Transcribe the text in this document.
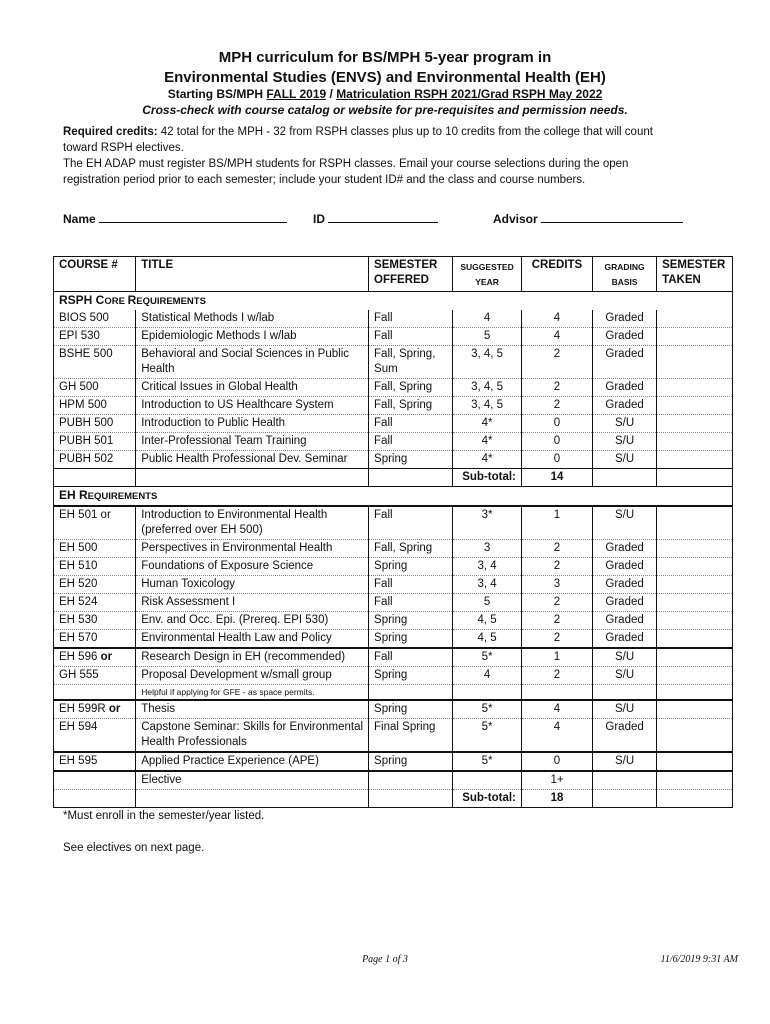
MPH curriculum for BS/MPH 5-year program in
Environmental Studies (ENVS) and Environmental Health (EH)
Starting BS/MPH FALL 2019 / Matriculation RSPH 2021/Grad RSPH May 2022
Cross-check with course catalog or website for pre-requisites and permission needs.

Required credits: 42 total for the MPH - 32 from RSPH classes plus up to 10 credits from the college that will count toward RSPH electives.

The EH ADAP must register BS/MPH students for RSPH classes. Email your course selections during the open registration period prior to each semester; include your student ID# and the class and course numbers.

Name	ID	Advisor
COURSE #	TITLE	SEMESTER OFFERED	SUGGESTED YEAR	CREDITS	GRADING BASIS	SEMESTER TAKEN
RSPH CORE REQUIREMENTS						
BIOS 500	Statistical Methods I w/lab	Fall	4	4	Graded	
EPI 530	Epidemiologic Methods I w/lab	Fall	5	4	Graded	
BSHE 500	Behavioral and Social Sciences in Public Health	Fall, Spring, Sum	3, 4, 5	2	Graded	
GH 500	Critical Issues in Global Health	Fall, Spring	3, 4, 5	2	Graded	
HPM 500	Introduction to US Healthcare System	Fall, Spring	3, 4, 5	2	Graded	
PUBH 500	Introduction to Public Health	Fall	4*	0	S/U	
PUBH 501	Inter-Professional Team Training	Fall	4*	0	S/U	
PUBH 502	Public Health Professional Dev. Seminar	Spring	4*	0	S/U	
			Sub-total:	14		
EH REQUIREMENTS						
EH 501 or	Introduction to Environmental Health (preferred over EH 500)	Fall	3*	1	S/U	
EH 500	Perspectives in Environmental Health	Fall, Spring	3	2	Graded	
EH 510	Foundations of Exposure Science	Spring	3, 4	2	Graded	
EH 520	Human Toxicology	Fall	3, 4	3	Graded	
EH 524	Risk Assessment I	Fall	5	2	Graded	
EH 530	Env. and Occ. Epi. (Prereq. EPI 530)	Spring	4, 5	2	Graded	
EH 570	Environmental Health Law and Policy	Spring	4, 5	2	Graded	
EH 596 or	Research Design in EH (recommended)	Fall	5*	1	S/U	
GH 555	Proposal Development w/small group	Spring	4	2	S/U	
	Helpful if applying for GFE - as space permits.					
EH 599R or	Thesis	Spring	5*	4	S/U	
EH 594	Capstone Seminar: Skills for Environmental Health Professionals	Final Spring	5*	4	Graded	
EH 595	Applied Practice Experience (APE)	Spring	5*	0	S/U	
	Elective			1+		
			Sub-total:	18		
*Must enroll in the semester/year listed.
See electives on next page.
Page 1 of 3	11/6/2019 9:31 AM
